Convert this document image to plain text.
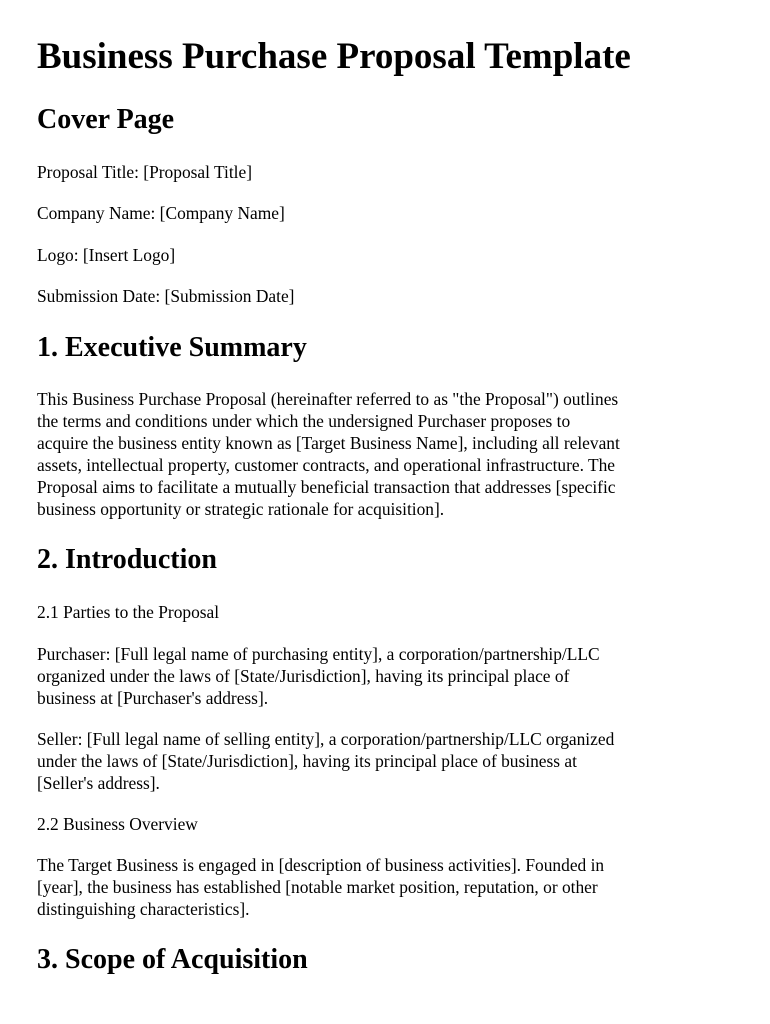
Business Purchase Proposal Template
Cover Page

Proposal Title: [Proposal Title]

Company Name: [Company Name]

Logo: [Insert Logo]

Submission Date: [Submission Date]

1. Executive Summary

This Business Purchase Proposal (hereinafter referred to as "the Proposal") outlines
the terms and conditions under which the undersigned Purchaser proposes to
acquire the business entity known as [Target Business Name], including all relevant
assets, intellectual property, customer contracts, and operational infrastructure. The
Proposal aims to facilitate a mutually beneficial transaction that addresses [specific
business opportunity or strategic rationale for acquisition].

2. Introduction

2.1 Parties to the Proposal

Purchaser: [Full legal name of purchasing entity], a corporation/partnership/LLC
organized under the laws of [State/Jurisdiction], having its principal place of
business at [Purchaser's address].

Seller: [Full legal name of selling entity], a corporation/partnership/LLC organized
under the laws of [State/Jurisdiction], having its principal place of business at
[Seller's address].

2.2 Business Overview

The Target Business is engaged in [description of business activities]. Founded in
[year], the business has established [notable market position, reputation, or other
distinguishing characteristics].

3. Scope of Acquisition
